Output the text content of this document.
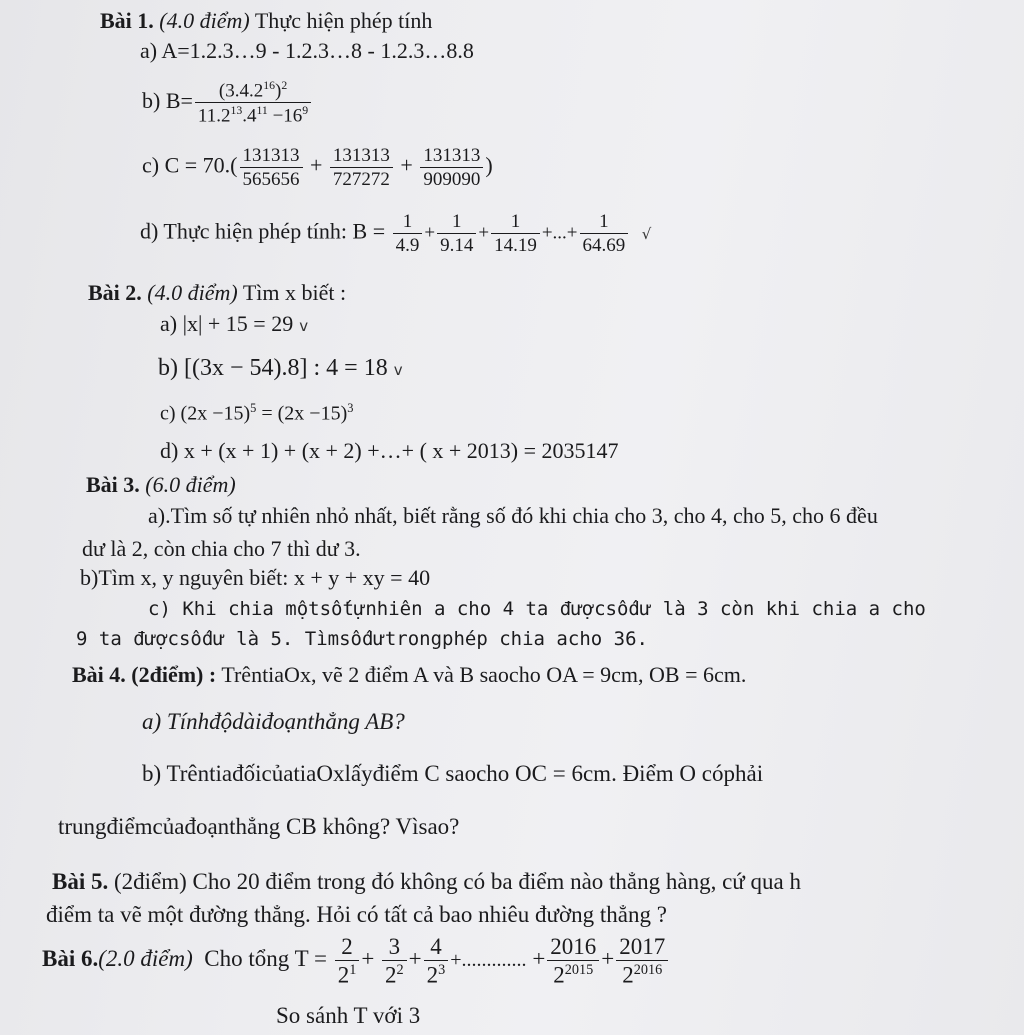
Bài 1. (4.0 điểm) Thực hiện phép tính
a) A=1.2.3…9 - 1.2.3…8 - 1.2.3…8.8
b) $B= \frac{(3.4.2^{16})^2}{11.2^{13}.4^{11} -16^9}$
c) $C = 70.( \frac{131313}{565656} + \frac{131313}{727272} + \frac{131313}{909090}$ )
d) Thực hiện phép tính: $B = \frac{1}{4.9} + \frac{1}{9.14} + \frac{1}{14.19}$ +...+ $\frac{1}{64.69}$ √
Bài 2. (4.0 điểm) Tìm x biết :
a) |x| + 15 = 29 v
b) [(3x − 54).8] : 4 = 18 v
c) $(2x -15)^5 = (2x -15)^3$
d) x + (x + 1) + (x + 2) +…+ ( x + 2013) = 2035147
Bài 3. (6.0 điểm)
a).Tìm số tự nhiên nhỏ nhất, biết rằng số đó khi chia cho 3, cho 4, cho 5, cho 6 đều
dư là 2, còn chia cho 7 thì dư 3.
b)Tìm x, y nguyên biết: x + y + xy = 40
c) Khi chia mộtsốtựnhiên a cho 4 ta đượcsốdư là 3 còn khi chia a cho
9 ta đượcsốdư là 5. Tìmsốdưtrongphép chia acho 36.
Bài 4. (2điểm) : TrêntiaOx, vẽ 2 điểm A và B saocho OA = 9cm, OB = 6cm.
a) Tínhđộdàiđoạnthẳng AB?
b) TrêntiađốicủatiaOxlấyđiểm C saocho OC = 6cm. Điểm O cóphải
trungđiểmcủađoạnthẳng CB không? Vìsao?
Bài 5. (2điểm) Cho 20 điểm trong đó không có ba điểm nào thẳng hàng, cứ qua h
điểm ta vẽ một đường thẳng. Hỏi có tất cả bao nhiêu đường thẳng ?
Bài 6.(2.0 điểm) Cho tổng $T = \frac{2}{2^1} + \frac{3}{2^2} + \frac{4}{2^3}$ +............. + $\frac{2016}{2^{2015}} + \frac{2017}{2^{2016}}$
So sánh T với 3
